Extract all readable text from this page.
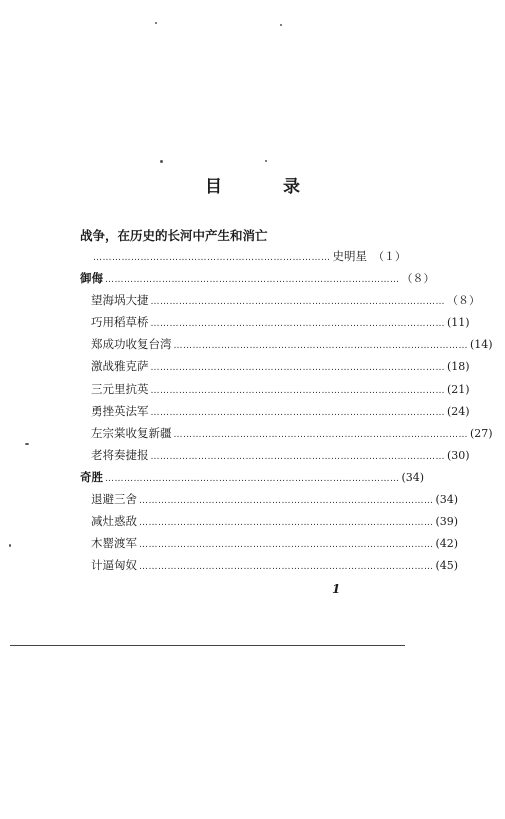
目　录
战争，在历史的长河中产生和消亡
………………………………………………………………… 史明星 （１）
御侮 ………………………………………………………………………………… （８）
望海埚大捷 ………………………………………………………………………………… （８）
巧用稻草桥 ………………………………………………………………………………… (11)
郑成功收复台湾 ………………………………………………………………………………… (14)
激战雅克萨 ………………………………………………………………………………… (18)
三元里抗英 ………………………………………………………………………………… (21)
勇挫英法军 ………………………………………………………………………………… (24)
左宗棠收复新疆 ………………………………………………………………………………… (27)
老将奏捷报 ………………………………………………………………………………… (30)
奇胜 ………………………………………………………………………………… (34)
退避三舍 ………………………………………………………………………………… (34)
减灶惑敌 ………………………………………………………………………………… (39)
木罂渡军 ………………………………………………………………………………… (42)
计逼匈奴 ………………………………………………………………………………… (45)
1
